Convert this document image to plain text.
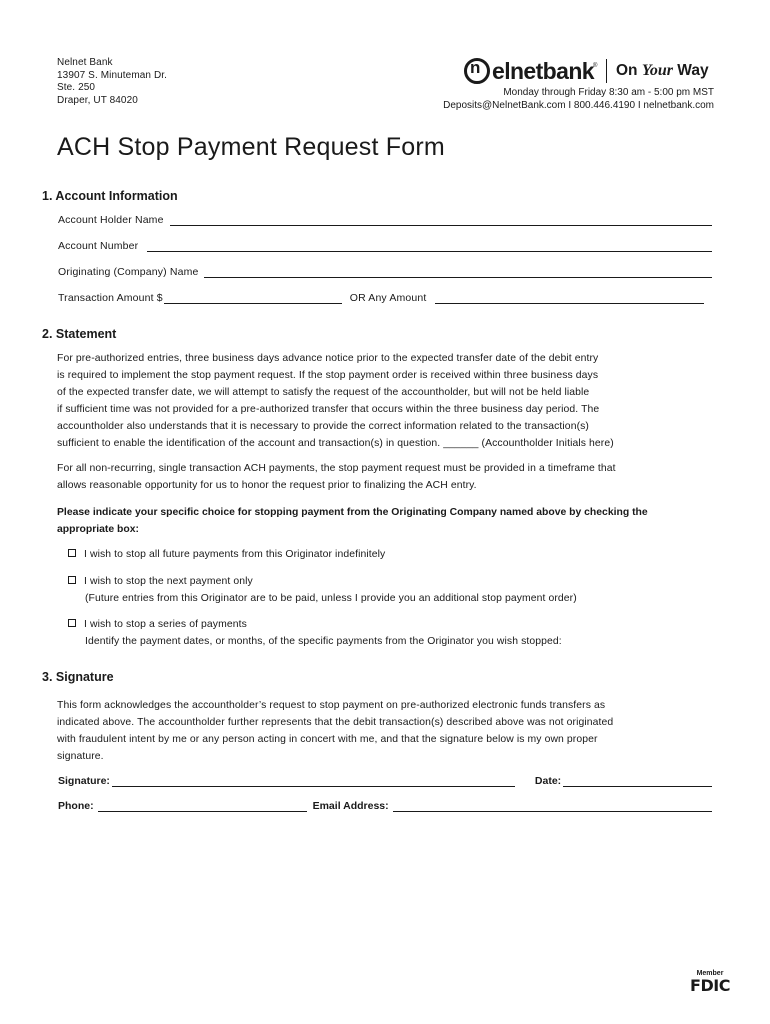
Nelnet Bank
13907 S. Minuteman Dr.
Ste. 250
Draper, UT 84020
n elnetbank ® On Your Way
Monday through Friday 8:30 am - 5:00 pm MST
Deposits@NelnetBank.com I 800.446.4190 I nelnetbank.com
ACH Stop Payment Request Form
1. Account Information
Account Holder Name
Account Number
Originating (Company) Name
Transaction Amount $	OR Any Amount
2. Statement
For pre-authorized entries, three business days advance notice prior to the expected transfer date of the debit entry
is required to implement the stop payment request. If the stop payment order is received within three business days
of the expected transfer date, we will attempt to satisfy the request of the accountholder, but will not be held liable
if sufficient time was not provided for a pre-authorized transfer that occurs within the three business day period. The
accountholder also understands that it is necessary to provide the correct information related to the transaction(s)
sufficient to enable the identification of the account and transaction(s) in question. ______ (Accountholder Initials here)
For all non-recurring, single transaction ACH payments, the stop payment request must be provided in a timeframe that
allows reasonable opportunity for us to honor the request prior to finalizing the ACH entry.
Please indicate your specific choice for stopping payment from the Originating Company named above by checking the
appropriate box:
I wish to stop all future payments from this Originator indefinitely
I wish to stop the next payment only
(Future entries from this Originator are to be paid, unless I provide you an additional stop payment order)
I wish to stop a series of payments
Identify the payment dates, or months, of the specific payments from the Originator you wish stopped:
3. Signature
This form acknowledges the accountholder’s request to stop payment on pre-authorized electronic funds transfers as
indicated above. The accountholder further represents that the debit transaction(s) described above was not originated
with fraudulent intent by me or any person acting in concert with me, and that the signature below is my own proper
signature.
Signature:	Date:
Phone:	Email Address:
Member
FDIC
